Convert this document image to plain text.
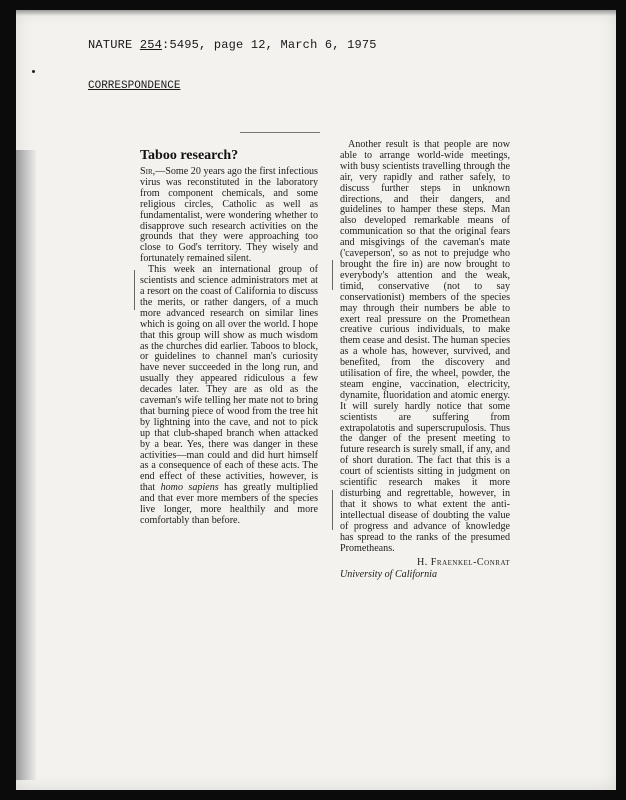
NATURE 254:5495, page 12, March 6, 1975
CORRESPONDENCE
Taboo research?

Sir,—Some 20 years ago the first infectious virus was reconstituted in the laboratory from component chemicals, and some religious circles, Catholic as well as fundamentalist, were wondering whether to disapprove such research activities on the grounds that they were approaching too close to God's territory. They wisely and fortunately remained silent.

This week an international group of scientists and science administrators met at a resort on the coast of California to discuss the merits, or rather dangers, of a much more advanced research on similar lines which is going on all over the world. I hope that this group will show as much wisdom as the churches did earlier. Taboos to block, or guidelines to channel man's curiosity have never succeeded in the long run, and usually they appeared ridiculous a few decades later. They are as old as the caveman's wife telling her mate not to bring that burning piece of wood from the tree hit by lightning into the cave, and not to pick up that club-shaped branch when attacked by a bear. Yes, there was danger in these activities—man could and did hurt himself as a consequence of each of these acts. The end effect of these activities, however, is that homo sapiens has greatly multiplied and that ever more members of the species live longer, more healthily and more comfortably than before.

Another result is that people are now able to arrange world-wide meetings, with busy scientists travelling through the air, very rapidly and rather safely, to discuss further steps in unknown directions, and their dangers, and guidelines to hamper these steps. Man also developed remarkable means of communication so that the original fears and misgivings of the caveman's mate ('caveperson', so as not to prejudge who brought the fire in) are now brought to everybody's attention and the weak, timid, conservative (not to say conservationist) members of the species may through their numbers be able to exert real pressure on the Promethean creative curious individuals, to make them cease and desist. The human species as a whole has, however, survived, and benefited, from the discovery and utilisation of fire, the wheel, powder, the steam engine, vaccination, electricity, dynamite, fluoridation and atomic energy. It will surely hardly notice that some scientists are suffering from extrapolatotis and superscrupulosis. Thus the danger of the present meeting to future research is surely small, if any, and of short duration. The fact that this is a court of scientists sitting in judgment on scientific research makes it more disturbing and regrettable, however, in that it shows to what extent the anti-intellectual disease of doubting the value of progress and advance of knowledge has spread to the ranks of the presumed Prometheans.

H. Fraenkel-Conrat
University of California
